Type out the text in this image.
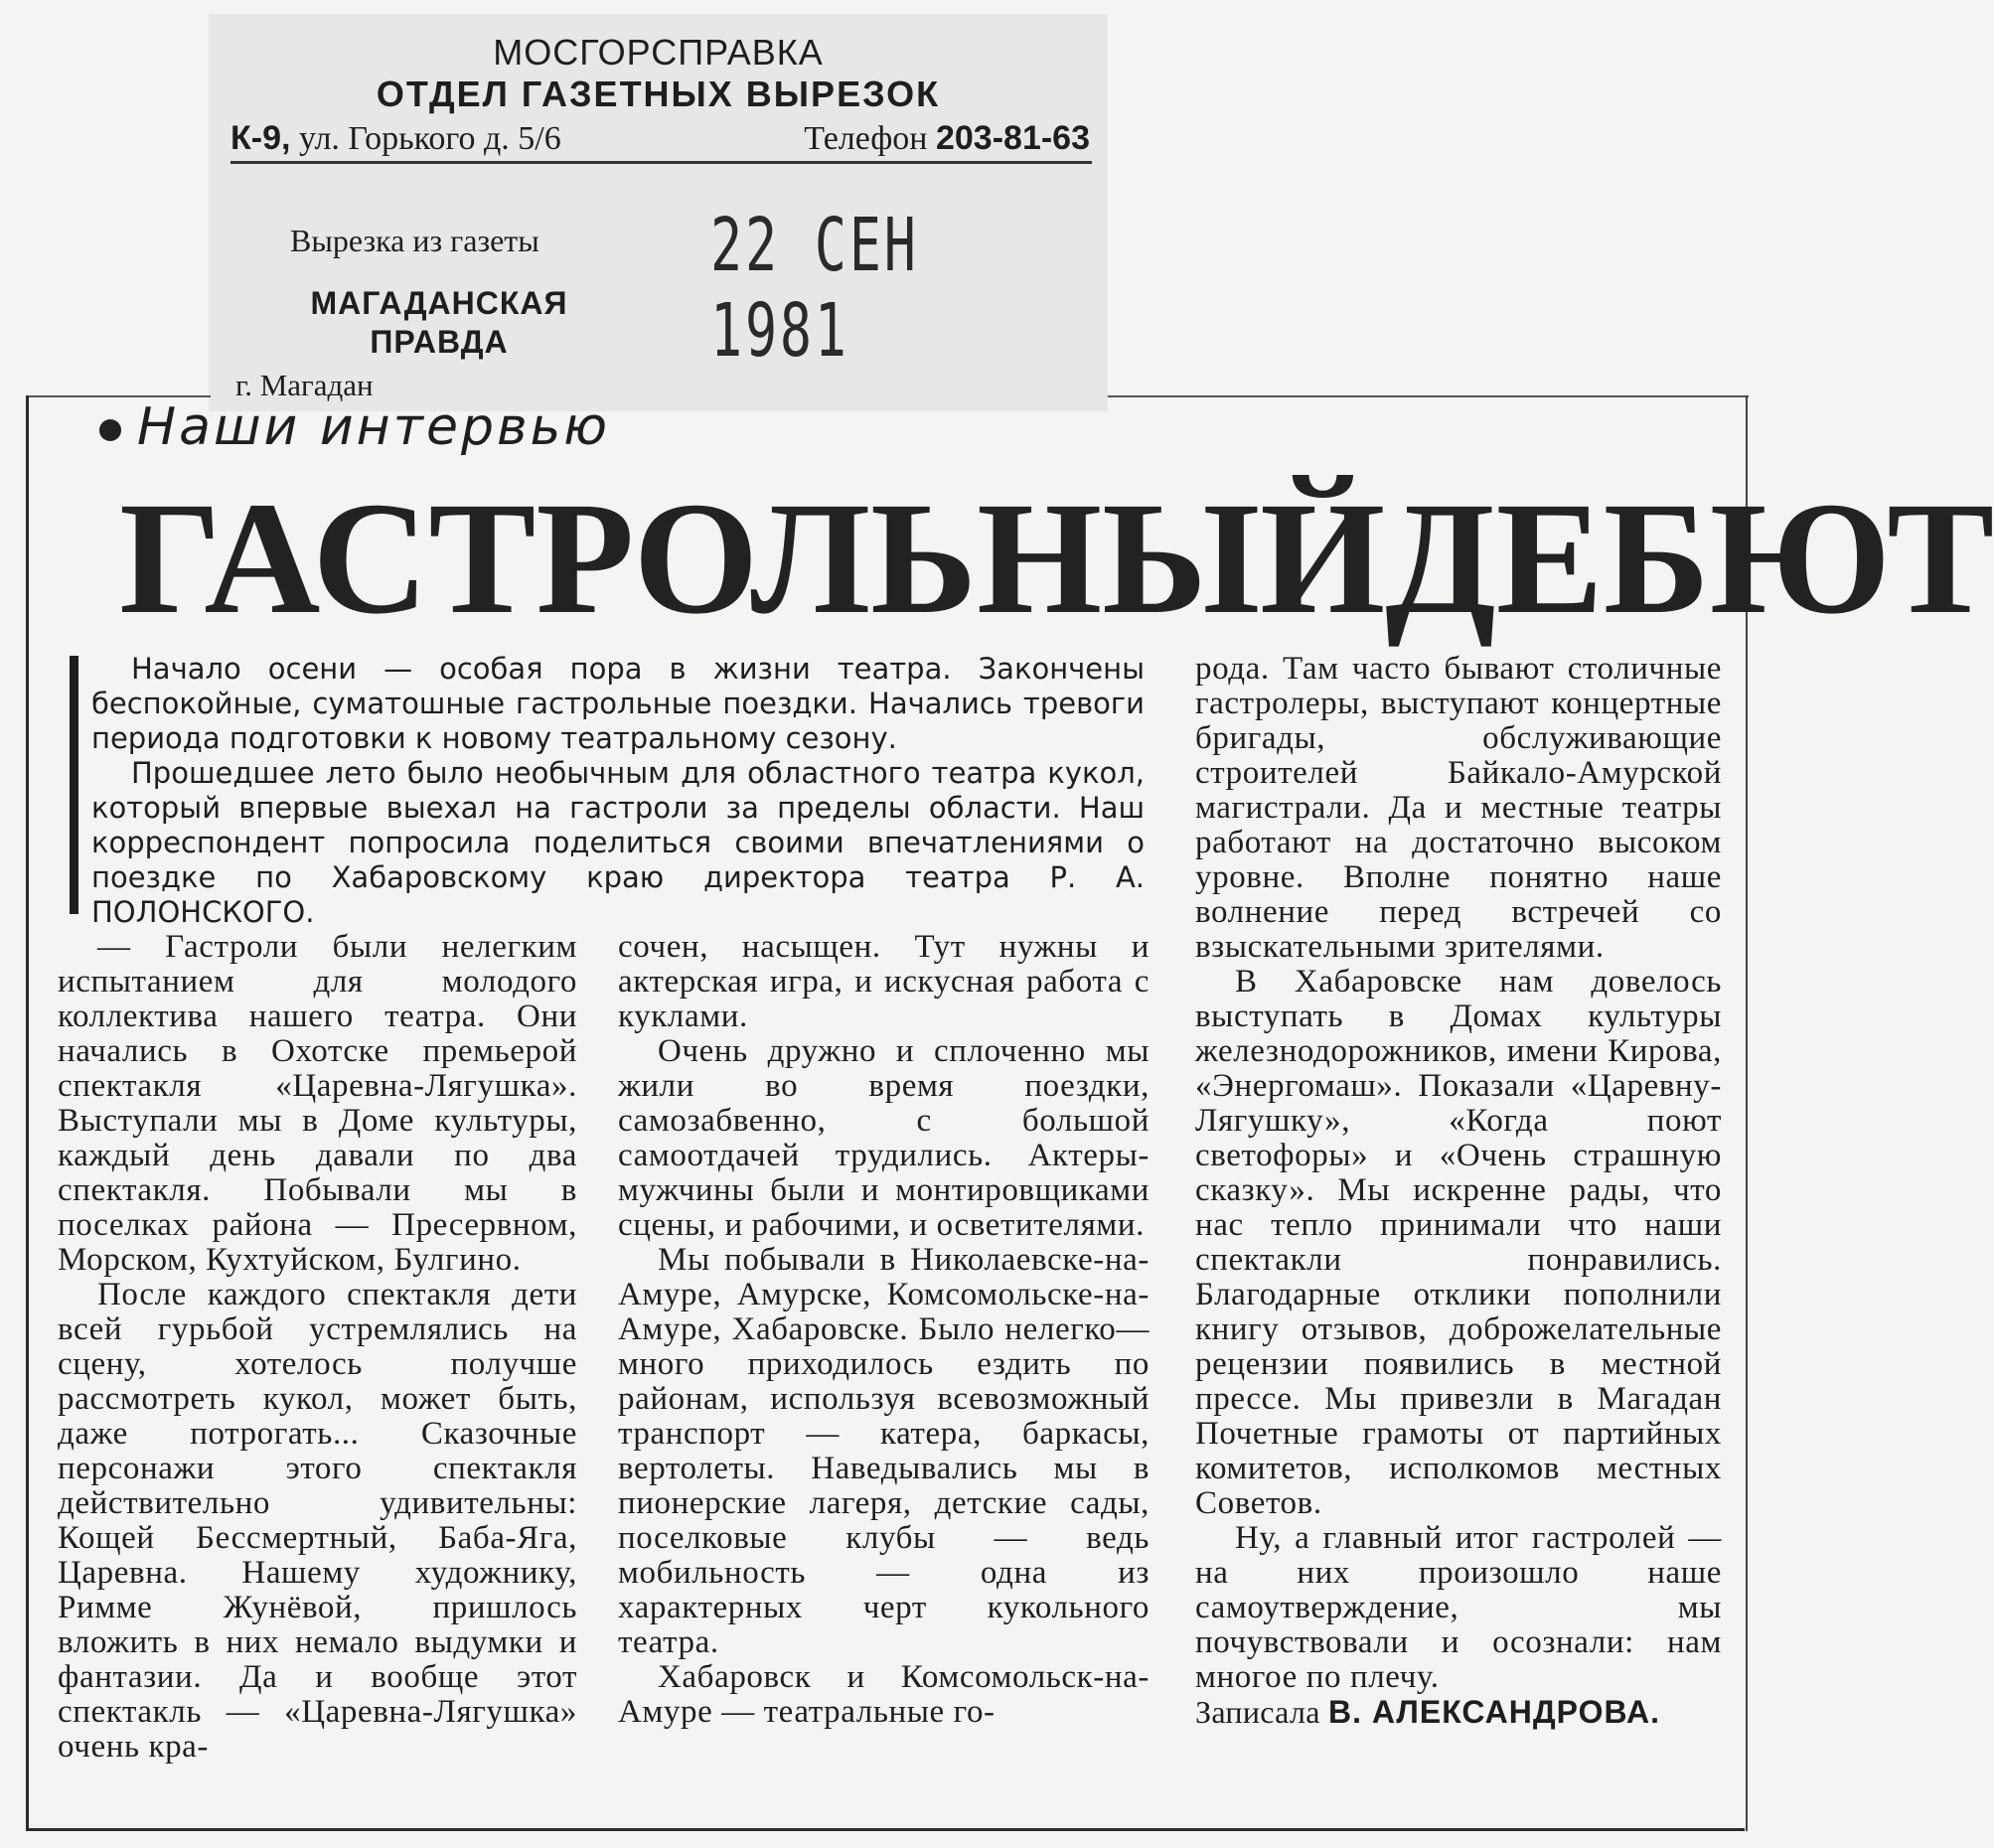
МОСГОРСПРАВКА
ОТДЕЛ ГАЗЕТНЫХ ВЫРЕЗОК
К-9, ул. Горького д. 5/6	Телефон 203-81-63
Вырезка из газеты
МАГАДАНСКАЯ ПРАВДА
г. Магадан
22 СЕН 1981
Наши интервью
ГАСТРОЛЬНЫЙ ДЕБЮТ

Начало осени — особая пора в жизни театра. Закончены беспокойные, суматошные гастрольные поездки. Начались тревоги периода подготовки к новому театральному сезону.

Прошедшее лето было необычным для областного театра кукол, который впервые выехал на гастроли за пределы области. Наш корреспондент попросила поделиться своими впечатлениями о поездке по Хабаровскому краю директора театра Р. А. ПОЛОНСКОГО.

— Гастроли были нелегким испытанием для молодого коллектива нашего театра. Они начались в Охотске премьерой спектакля «Царевна-Лягушка». Выступали мы в Доме культуры, каждый день давали по два спектакля. Побывали мы в поселках района — Пресервном, Морском, Кухтуйском, Булгино.

После каждого спектакля дети всей гурьбой устремлялись на сцену, хотелось получше рассмотреть кукол, может быть, даже потрогать... Сказочные персонажи этого спектакля действительно удивительны: Кощей Бессмертный, Баба-Яга, Царевна. Нашему художнику, Римме Жунёвой, пришлось вложить в них немало выдумки и фантазии. Да и вообще этот спектакль — «Царевна-Лягушка» очень кра-

сочен, насыщен. Тут нужны и актерская игра, и искусная работа с куклами.

Очень дружно и сплоченно мы жили во время поездки, самозабвенно, с большой самоотдачей трудились. Актеры-мужчины были и монтировщиками сцены, и рабочими, и осветителями.

Мы побывали в Николаевске-на-Амуре, Амурске, Комсомольске-на-Амуре, Хабаровске. Было нелегко—много приходилось ездить по районам, используя всевозможный транспорт — катера, баркасы, вертолеты. Наведывались мы в пионерские лагеря, детские сады, поселковые клубы — ведь мобильность — одна из характерных черт кукольного театра.

Хабаровск и Комсомольск-на-Амуре — театральные го-

рода. Там часто бывают столичные гастролеры, выступают концертные бригады, обслуживающие строителей Байкало-Амурской магистрали. Да и местные театры работают на достаточно высоком уровне. Вполне понятно наше волнение перед встречей со взыскательными зрителями.

В Хабаровске нам довелось выступать в Домах культуры железнодорожников, имени Кирова, «Энергомаш». Показали «Царевну-Лягушку», «Когда поют светофоры» и «Очень страшную сказку». Мы искренне рады, что нас тепло принимали что наши спектакли понравились. Благодарные отклики пополнили книгу отзывов, доброжелательные рецензии появились в местной прессе. Мы привезли в Магадан Почетные грамоты от партийных комитетов, исполкомов местных Советов.

Ну, а главный итог гастролей — на них произошло наше самоутверждение, мы почувствовали и осознали: нам многое по плечу.

Записала В. АЛЕКСАНДРОВА.
